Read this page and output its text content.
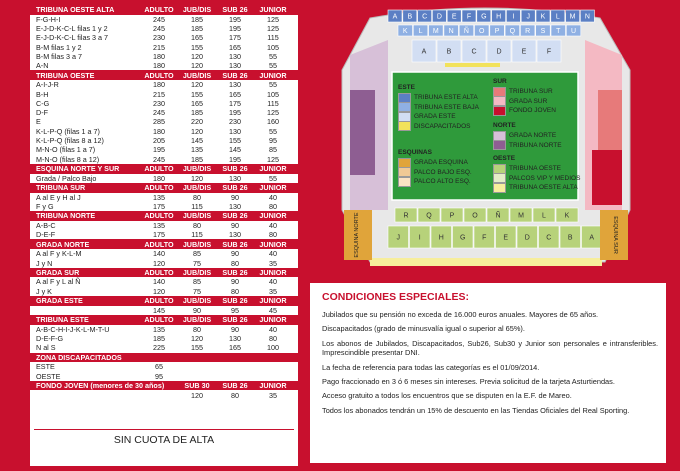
TRIBUNA OESTE ALTA	ADULTO	JUB/DIS	SUB 26	JUNIOR
F-G-H-I	245	185	195	125
E-J-D-K-C-L filas 1 y 2	245	185	195	125
E-J-D-K-C-L filas 3 a 7	230	165	175	115
B-M filas 1 y 2	215	155	165	105
B-M filas 3 a 7	180	120	130	55
A-N	180	120	130	55
TRIBUNA OESTE	ADULTO	JUB/DIS	SUB 26	JUNIOR
A-I-J-R	180	120	130	55
B-H	215	155	165	105
C-G	230	165	175	115
D-F	245	185	195	125
E	285	220	230	160
K-L-P-Q (filas 1 a 7)	180	120	130	55
K-L-P-Q (filas 8 a 12)	205	145	155	95
M-N-O (filas 1 a 7)	195	135	145	85
M-N-O (filas 8 a 12)	245	185	195	125
ESQUINA NORTE Y SUR	ADULTO	JUB/DIS	SUB 26	JUNIOR
Grada / Palco Bajo	180	120	130	55
TRIBUNA SUR	ADULTO	JUB/DIS	SUB 26	JUNIOR
A al E y H al J	135	80	90	40
F y G	175	115	130	80
TRIBUNA NORTE	ADULTO	JUB/DIS	SUB 26	JUNIOR
A-B-C	135	80	90	40
D-E-F	175	115	130	80
GRADA NORTE	ADULTO	JUB/DIS	SUB 26	JUNIOR
A al F y K-L-M	140	85	90	40
J y N	120	75	80	35
GRADA SUR	ADULTO	JUB/DIS	SUB 26	JUNIOR
A al F y L al Ñ	140	85	90	40
J y K	120	75	80	35
GRADA ESTE	ADULTO	JUB/DIS	SUB 26	JUNIOR
145	90	95	45
TRIBUNA ESTE	ADULTO	JUB/DIS	SUB 26	JUNIOR
A-B-C-H-I-J-K-L-M-T-U	135	80	90	40
D-E-F-G	185	120	130	80
N al S	225	155	165	100
ZONA DISCAPACITADOS
ESTE	65
OESTE	95
FONDO JOVEN (menores de 30 años)	SUB 30	SUB 26	JUNIOR
120	80	35
SIN CUOTA DE ALTA
A B C D E F G H I J K L M N
K L M N Ñ O P Q R S T U
A	B	C	D	E	F
R	Q	P	O	Ñ	M	L	K
J	I	H G F E D C B A
ESQUINA NORTE	ESQUINA SUR
ESTE
TRIBUNA ESTE ALTA
TRIBUNA ESTE BAJA
GRADA ESTE
DISCAPACITADOS
ESQUINAS
GRADA ESQUINA
PALCO BAJO ESQ.
PALCO ALTO ESQ.
SUR
TRIBUNA SUR
GRADA SUR
FONDO JOVEN
NORTE
GRADA NORTE
TRIBUNA NORTE
OESTE
TRIBUNA OESTE
PALCOS VIP Y MEDIOS
TRIBUNA OESTE ALTA
CONDICIONES ESPECIALES:

Jubilados que su pensión no exceda de 16.000 euros anuales. Mayores de 65 años.

Discapacitados (grado de minusvalía igual o superior al 65%).

Los abonos de Jubilados, Discapacitados, Sub26, Sub30 y Junior son personales e intransferibles. Imprescindible presentar DNI.

La fecha de referencia para todas las categorías es el 01/09/2014.

Pago fraccionado en 3 ó 6 meses sin intereses. Previa solicitud de la tarjeta Asturtiendas.

Acceso gratuito a todos los encuentros que se disputen en la E.F. de Mareo.

Todos los abonados tendrán un 15% de descuento en las Tiendas Oficiales del Real Sporting.
